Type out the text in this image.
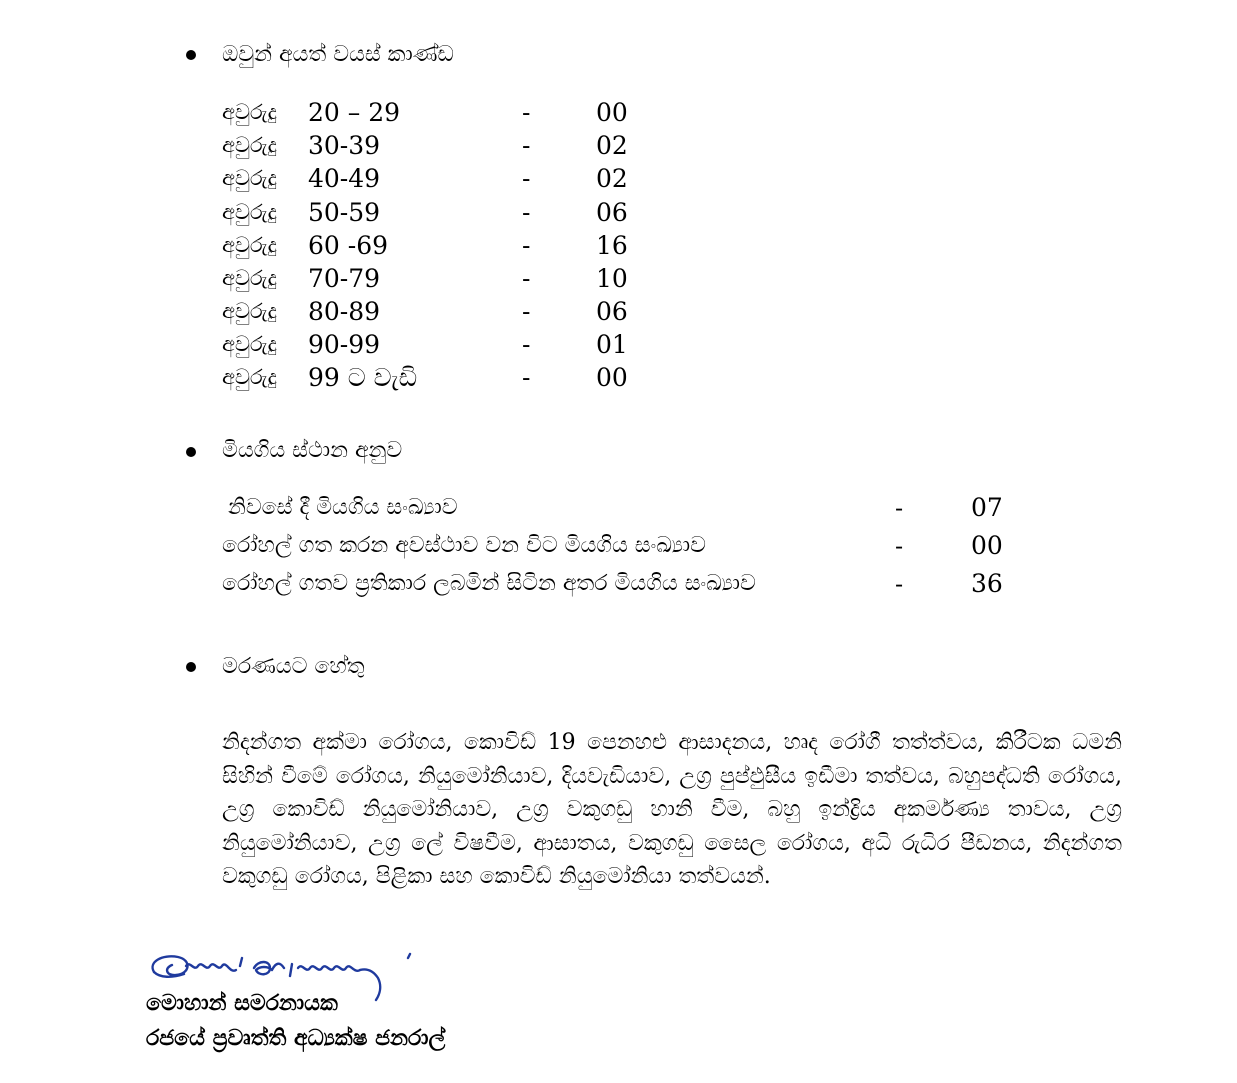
ඔවුන් අයත් වයස් කාණ්ඩ
අවුරුදු 20 – 29	-	00
අවුරුදු 30-39	-	02
අවුරුදු 40-49	-	02
අවුරුදු 50-59	-	06
අවුරුදු 60 -69	-	16
අවුරුදු 70-79	-	10
අවුරුදු 80-89	-	06
අවුරුදු 90-99	-	01
අවුරුදු 99 ට වැඩි	-	00
මියගිය ස්ථාන අනුව
නිවසේ දී මියගිය සංඛ්‍යාව	-	07
රෝහල් ගත කරන අවස්ථාව වන විට මියගිය සංඛ්‍යාව	-	00
රෝහල් ගතව ප්‍රතිකාර ලබමින් සිටින අතර මියගිය සංඛ්‍යාව	-	36
මරණයට හේතු
නිදන්ගත අක්මා රෝගය, කොවිඩ් 19 පෙනහළු ආසාදනය, හෘද රෝගී තත්ත්වය, කිරීටක ධමනි සිහින් වීමේ රෝගය, නියුමෝනියාව, දියවැඩියාව, උග්‍ර පුප්ඵුසීය ඉඩීමා තත්වය, බහුපද්ධති රෝගය, උග්‍ර කොවිඩ් නියුමෝනියාව, උග්‍ර වකුගඩු හානි වීම, බහු ඉන්ද්‍රිය අකර්මණ්‍ය තාවය, උග්‍ර නියුමෝනියාව, උග්‍ර ලේ විෂවීම, ආසාතය, වකුගඩු සෛල රෝගය, අධි රුධිර පීඩනය, නිදන්ගත වකුගඩු රෝගය, පිළිකා සහ කොවිඩ් නියුමෝනියා තත්වයන්.
මොහාන් සමරනායක
රජයේ ප්‍රවෘත්ති අධ්‍යක්ෂ ජනරාල්
